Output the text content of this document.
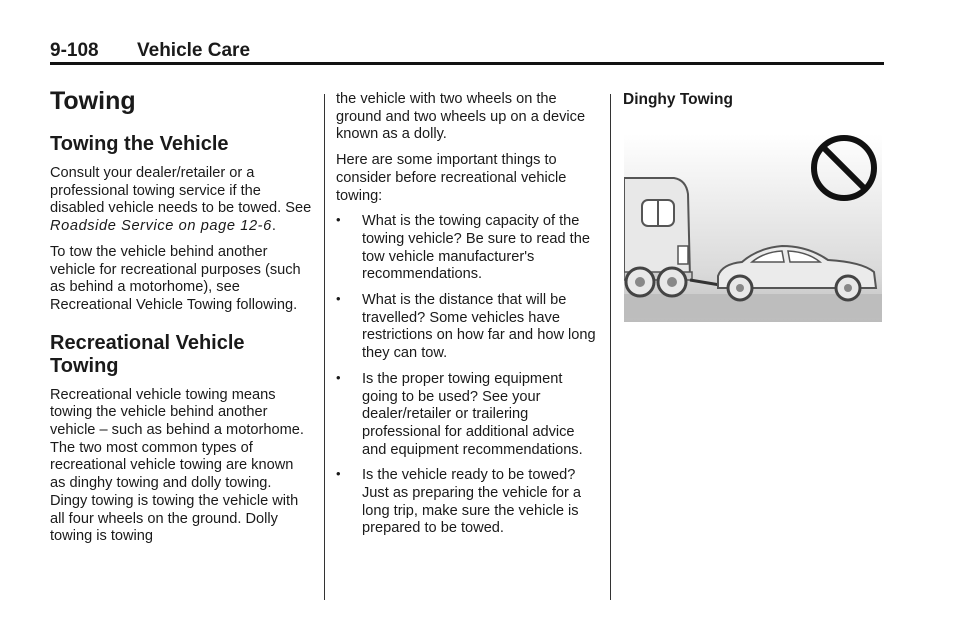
9-108 Vehicle Care
Towing
Towing the Vehicle

Consult your dealer/retailer or a professional towing service if the disabled vehicle needs to be towed. See Roadside Service on page 12-6.

To tow the vehicle behind another vehicle for recreational purposes (such as behind a motorhome), see Recreational Vehicle Towing following.

Recreational Vehicle Towing

Recreational vehicle towing means towing the vehicle behind another vehicle – such as behind a motorhome. The two most common types of recreational vehicle towing are known as dinghy towing and dolly towing. Dingy towing is towing the vehicle with all four wheels on the ground. Dolly towing is towing

the vehicle with two wheels on the ground and two wheels up on a device known as a dolly.

Here are some important things to consider before recreational vehicle towing:

• What is the towing capacity of the towing vehicle? Be sure to read the tow vehicle manufacturer's recommendations.
• What is the distance that will be travelled? Some vehicles have restrictions on how far and how long they can tow.
• Is the proper towing equipment going to be used? See your dealer/retailer or trailering professional for additional advice and equipment recommendations.
• Is the vehicle ready to be towed? Just as preparing the vehicle for a long trip, make sure the vehicle is prepared to be towed.
Dinghy Towing
